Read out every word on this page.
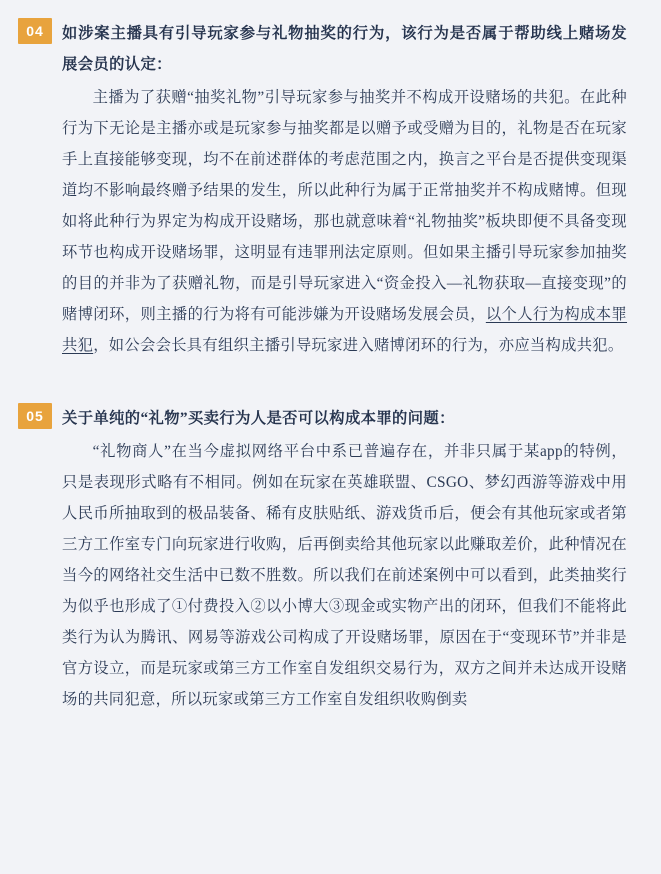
04	如涉案主播具有引导玩家参与礼物抽奖的行为，该行为是否属于帮助线上赌场发展会员的认定：

主播为了获赠“抽奖礼物”引导玩家参与抽奖并不构成开设赌场的共犯。在此种行为下无论是主播亦或是玩家参与抽奖都是以赠予或受赠为目的，礼物是否在玩家手上直接能够变现，均不在前述群体的考虑范围之内，换言之平台是否提供变现渠道均不影响最终赠予结果的发生，所以此种行为属于正常抽奖并不构成赌博。但现如将此种行为界定为构成开设赌场，那也就意味着“礼物抽奖”板块即便不具备变现环节也构成开设赌场罪，这明显有违罪刑法定原则。但如果主播引导玩家参加抽奖的目的并非为了获赠礼物，而是引导玩家进入“资金投入—礼物获取—直接变现”的赌博闭环，则主播的行为将有可能涉嫌为开设赌场发展会员，以个人行为构成本罪共犯，如公会会长具有组织主播引导玩家进入赌博闭环的行为，亦应当构成共犯。

05	关于单纯的“礼物”买卖行为人是否可以构成本罪的问题：

“礼物商人”在当今虚拟网络平台中系已普遍存在，并非只属于某app的特例，只是表现形式略有不相同。例如在玩家在英雄联盟、CSGO、梦幻西游等游戏中用人民币所抽取到的极品装备、稀有皮肤贴纸、游戏货币后，便会有其他玩家或者第三方工作室专门向玩家进行收购，后再倒卖给其他玩家以此赚取差价，此种情况在当今的网络社交生活中已数不胜数。所以我们在前述案例中可以看到，此类抽奖行为似乎也形成了①付费投入②以小博大③现金或实物产出的闭环，但我们不能将此类行为认为腾讯、网易等游戏公司构成了开设赌场罪，原因在于“变现环节”并非是官方设立，而是玩家或第三方工作室自发组织交易行为，双方之间并未达成开设赌场的共同犯意，所以玩家或第三方工作室自发组织收购倒卖
